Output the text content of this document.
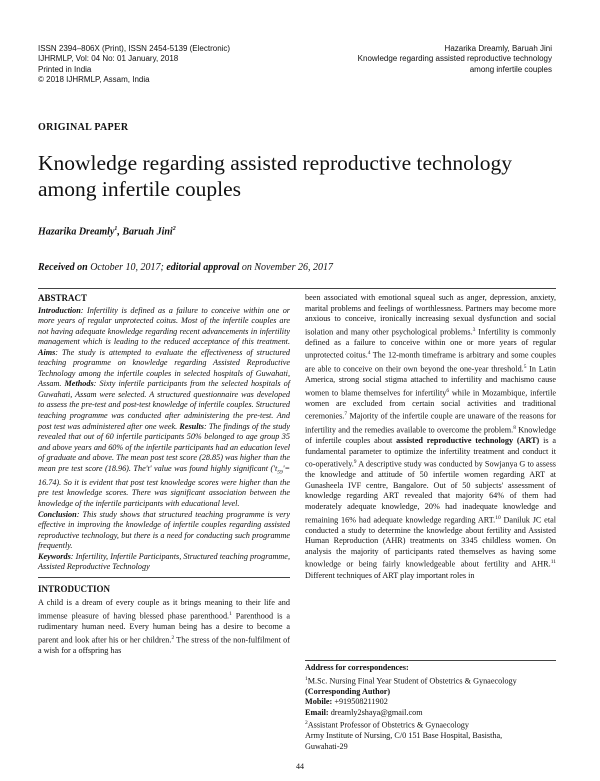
ISSN 2394–806X (Print), ISSN 2454-5139 (Electronic)
IJHRMLP, Vol: 04 No: 01 January, 2018
Printed in India
© 2018 IJHRMLP, Assam, India
Hazarika Dreamly, Baruah Jini
Knowledge regarding assisted reproductive technology
among infertile couples
ORIGINAL PAPER
Knowledge regarding assisted reproductive technology among infertile couples
Hazarika Dreamly$^1$, Baruah Jini$^2$
Received on October 10, 2017; editorial approval on November 26, 2017
ABSTRACT

Introduction: Infertility is defined as a failure to conceive within one or more years of regular unprotected coitus. Most of the infertile couples are not having adequate knowledge regarding recent advancements in infertility management which is leading to the reduced acceptance of this treatment. Aims: The study is attempted to evaluate the effectiveness of structured teaching programme on knowledge regarding Assisted Reproductive Technology among the infertile couples in selected hospitals of Guwahati, Assam. Methods: Sixty infertile participants from the selected hospitals of Guwahati, Assam were selected. A structured questionnaire was developed to assess the pre-test and post-test knowledge of infertile couples. Structured teaching programme was conducted after administering the pre-test. And post test was administered after one week. Results: The findings of the study revealed that out of 60 infertile participants 50% belonged to age group 35 and above years and 60% of the infertile participants had an education level of graduate and above. The mean post test score (28.85) was higher than the mean pre test score (18.96). The't' value was found highly significant $('t_{59}'= 16.74)$. So it is evident that post test knowledge scores were higher than the pre test knowledge scores. There was significant association between the knowledge of the infertile participants with educational level.
Conclusion: This study shows that structured teaching programme is very effective in improving the knowledge of infertile couples regarding assisted reproductive technology, but there is a need for conducting such programme frequently.
Keywords: Infertility, Infertile Participants, Structured teaching programme, Assisted Reproductive Technology

INTRODUCTION

A child is a dream of every couple as it brings meaning to their life and immense pleasure of having blessed phase parenthood.$^1$ Parenthood is a rudimentary human need. Every human being has a desire to become a parent and look after his or her children.$^2$ The stress of the non-fulfilment of a wish for a offspring has

been associated with emotional squeal such as anger, depression, anxiety, marital problems and feelings of worthlessness. Partners may become more anxious to conceive, ironically increasing sexual dysfunction and social isolation and many other psychological problems.$^3$ Infertility is commonly defined as a failure to conceive within one or more years of regular unprotected coitus.$^4$ The 12-month timeframe is arbitrary and some couples are able to conceive on their own beyond the one-year threshold.$^5$ In Latin America, strong social stigma attached to infertility and machismo cause women to blame themselves for infertility$^6$ while in Mozambique, infertile women are excluded from certain social activities and traditional ceremonies.$^7$ Majority of the infertile couple are unaware of the reasons for infertility and the remedies available to overcome the problem.$^8$ Knowledge of infertile couples about assisted reproductive technology (ART) is a fundamental parameter to optimize the infertility treatment and conduct it co-operatively.$^9$ A descriptive study was conducted by Sowjanya G to assess the knowledge and attitude of 50 infertile women regarding ART at Gunasheela IVF centre, Bangalore. Out of 50 subjects' assessment of knowledge regarding ART revealed that majority 64% of them had moderately adequate knowledge, 20% had inadequate knowledge and remaining 16% had adequate knowledge regarding ART.$^{10}$ Daniluk JC etal conducted a study to determine the knowledge about fertility and Assisted Human Reproduction (AHR) treatments on 3345 childless women. On analysis the majority of participants rated themselves as having some knowledge or being fairly knowledgeable about fertility and AHR.$^{11}$ Different techniques of ART play important roles in

Address for correspondences:
$^1$M.Sc. Nursing Final Year Student of Obstetrics & Gynaecology
(Corresponding Author)
Mobile: +919508211902
Email: dreamly2shaya@gmail.com
$^2$Assistant Professor of Obstetrics & Gynaecology
Army Institute of Nursing, C/0 151 Base Hospital, Basistha,
Guwahati-29
44
